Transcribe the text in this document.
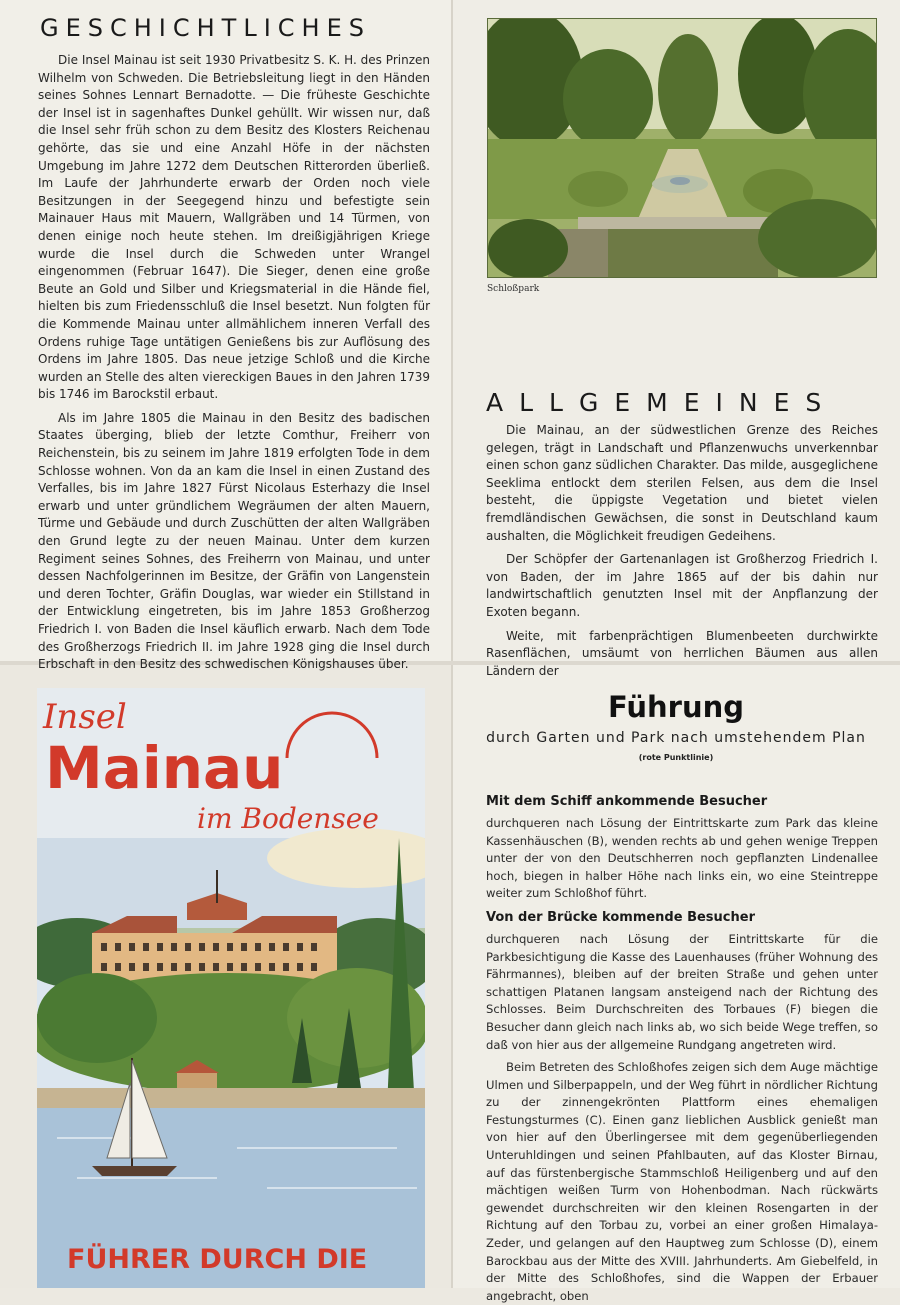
GESCHICHTLICHES

Die Insel Mainau ist seit 1930 Privatbesitz S. K. H. des Prinzen Wilhelm von Schweden. Die Betriebsleitung liegt in den Händen seines Sohnes Lennart Bernadotte. — Die früheste Geschichte der Insel ist in sagenhaftes Dunkel gehüllt. Wir wissen nur, daß die Insel sehr früh schon zu dem Besitz des Klosters Reichenau gehörte, das sie und eine Anzahl Höfe in der nächsten Umgebung im Jahre 1272 dem Deutschen Ritterorden überließ. Im Laufe der Jahrhunderte erwarb der Orden noch viele Besitzungen in der Seegegend hinzu und befestigte sein Mainauer Haus mit Mauern, Wallgräben und 14 Türmen, von denen einige noch heute stehen. Im dreißigjährigen Kriege wurde die Insel durch die Schweden unter Wrangel eingenommen (Februar 1647). Die Sieger, denen eine große Beute an Gold und Silber und Kriegsmaterial in die Hände fiel, hielten bis zum Friedensschluß die Insel besetzt. Nun folgten für die Kommende Mainau unter allmählichem inneren Verfall des Ordens ruhige Tage untätigen Genießens bis zur Auflösung des Ordens im Jahre 1805. Das neue jetzige Schloß und die Kirche wurden an Stelle des alten viereckigen Baues in den Jahren 1739 bis 1746 im Barockstil erbaut.

Als im Jahre 1805 die Mainau in den Besitz des badischen Staates überging, blieb der letzte Comthur, Freiherr von Reichenstein, bis zu seinem im Jahre 1819 erfolgten Tode in dem Schlosse wohnen. Von da an kam die Insel in einen Zustand des Verfalles, bis im Jahre 1827 Fürst Nicolaus Esterhazy die Insel erwarb und unter gründlichem Wegräumen der alten Mauern, Türme und Gebäude und durch Zuschütten der alten Wallgräben den Grund legte zu der neuen Mainau. Unter dem kurzen Regiment seines Sohnes, des Freiherrn von Mainau, und unter dessen Nachfolgerinnen im Besitze, der Gräfin von Langenstein und deren Tochter, Gräfin Douglas, war wieder ein Stillstand in der Entwicklung eingetreten, bis im Jahre 1853 Großherzog Friedrich I. von Baden die Insel käuflich erwarb. Nach dem Tode des Großherzogs Friedrich II. im Jahre 1928 ging die Insel durch Erbschaft in den Besitz des schwedischen Königshauses über.

Schloßpark
ALLGEMEINES

Die Mainau, an der südwestlichen Grenze des Reiches gelegen, trägt in Landschaft und Pflanzenwuchs unverkennbar einen schon ganz südlichen Charakter. Das milde, ausgeglichene Seeklima entlockt dem sterilen Felsen, aus dem die Insel besteht, die üppigste Vegetation und bietet vielen fremdländischen Gewächsen, die sonst in Deutschland kaum aushalten, die Möglichkeit freudigen Gedeihens.

Der Schöpfer der Gartenanlagen ist Großherzog Friedrich I. von Baden, der im Jahre 1865 auf der bis dahin nur landwirtschaftlich genutzten Insel mit der Anpflanzung der Exoten begann.

Weite, mit farbenprächtigen Blumenbeeten durchwirkte Rasenflächen, umsäumt von herrlichen Bäumen aus allen Ländern der

Insel
Mainau
im Bodensee
FÜHRER DURCH DIE
Führung
durch Garten und Park nach umstehendem Plan
(rote Punktlinie)
Mit dem Schiff ankommende Besucher

durchqueren nach Lösung der Eintrittskarte zum Park das kleine Kassenhäuschen (B), wenden rechts ab und gehen wenige Treppen unter der von den Deutschherren noch gepflanzten Lindenallee hoch, biegen in halber Höhe nach links ein, wo eine Steintreppe weiter zum Schloßhof führt.

Von der Brücke kommende Besucher

durchqueren nach Lösung der Eintrittskarte für die Parkbesichtigung die Kasse des Lauenhauses (früher Wohnung des Fährmannes), bleiben auf der breiten Straße und gehen unter schattigen Platanen langsam ansteigend nach der Richtung des Schlosses. Beim Durchschreiten des Torbaues (F) biegen die Besucher dann gleich nach links ab, wo sich beide Wege treffen, so daß von hier aus der allgemeine Rundgang angetreten wird.

Beim Betreten des Schloßhofes zeigen sich dem Auge mächtige Ulmen und Silberpappeln, und der Weg führt in nördlicher Richtung zu der zinnengekrönten Plattform eines ehemaligen Festungsturmes (C). Einen ganz lieblichen Ausblick genießt man von hier auf den Überlingersee mit dem gegenüberliegenden Unteruhldingen und seinen Pfahlbauten, auf das Kloster Birnau, auf das fürstenbergische Stammschloß Heiligenberg und auf den mächtigen weißen Turm von Hohenbodman. Nach rückwärts gewendet durchschreiten wir den kleinen Rosengarten in der Richtung auf den Torbau zu, vorbei an einer großen Himalaya-Zeder, und gelangen auf den Hauptweg zum Schlosse (D), einem Barockbau aus der Mitte des XVIII. Jahrhunderts. Am Giebelfeld, in der Mitte des Schloßhofes, sind die Wappen der Erbauer angebracht, oben
